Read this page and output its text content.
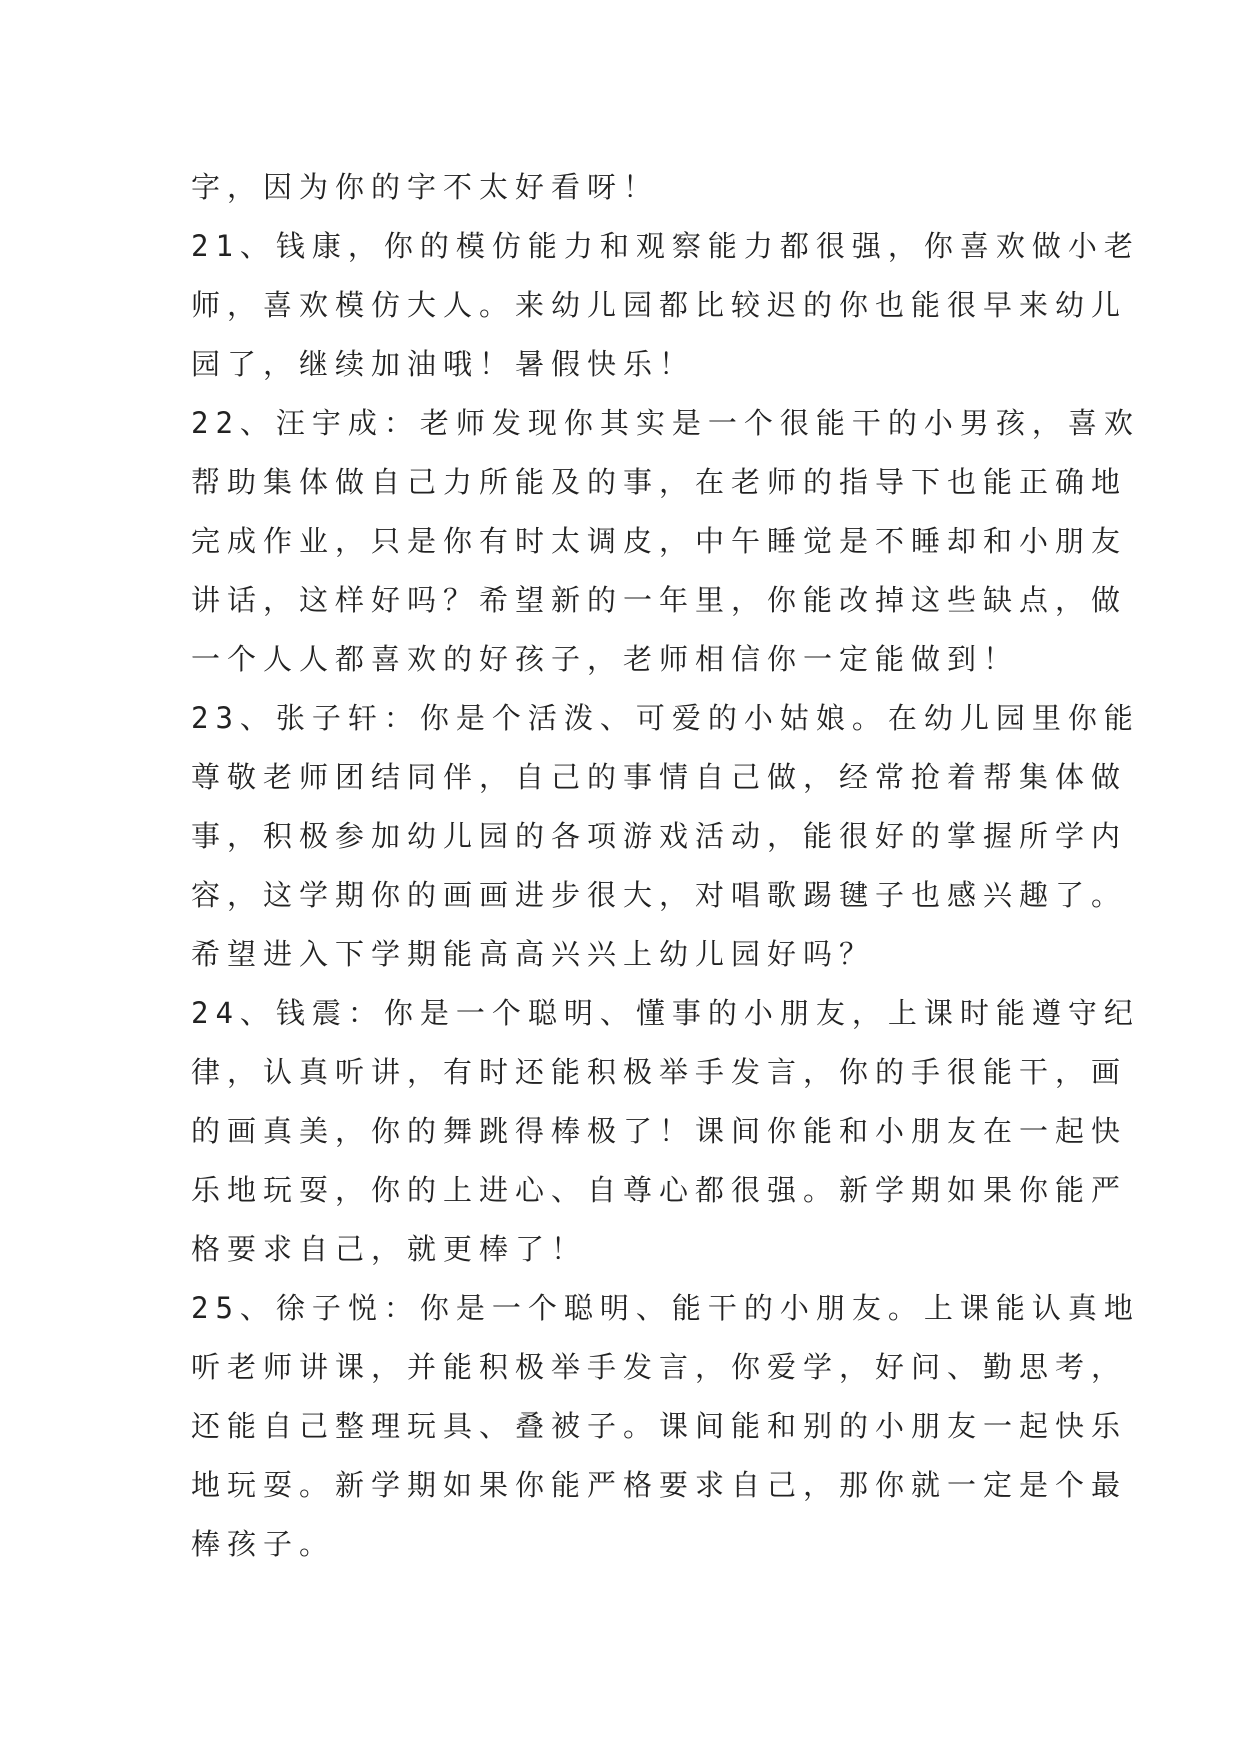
字，因为你的字不太好看呀！
21、钱康，你的模仿能力和观察能力都很强，你喜欢做小老
师，喜欢模仿大人。来幼儿园都比较迟的你也能很早来幼儿
园了，继续加油哦！暑假快乐！
22、汪宇成：老师发现你其实是一个很能干的小男孩，喜欢
帮助集体做自己力所能及的事，在老师的指导下也能正确地
完成作业，只是你有时太调皮，中午睡觉是不睡却和小朋友
讲话，这样好吗？希望新的一年里，你能改掉这些缺点，做
一个人人都喜欢的好孩子，老师相信你一定能做到！
23、张子轩：你是个活泼、可爱的小姑娘。在幼儿园里你能
尊敬老师团结同伴，自己的事情自己做，经常抢着帮集体做
事，积极参加幼儿园的各项游戏活动，能很好的掌握所学内
容，这学期你的画画进步很大，对唱歌踢毽子也感兴趣了。
希望进入下学期能高高兴兴上幼儿园好吗？
24、钱震：你是一个聪明、懂事的小朋友，上课时能遵守纪
律，认真听讲，有时还能积极举手发言，你的手很能干，画
的画真美，你的舞跳得棒极了！课间你能和小朋友在一起快
乐地玩耍，你的上进心、自尊心都很强。新学期如果你能严
格要求自己，就更棒了！
25、徐子悦：你是一个聪明、能干的小朋友。上课能认真地
听老师讲课，并能积极举手发言，你爱学，好问、勤思考，
还能自己整理玩具、叠被子。课间能和别的小朋友一起快乐
地玩耍。新学期如果你能严格要求自己，那你就一定是个最
棒孩子。
